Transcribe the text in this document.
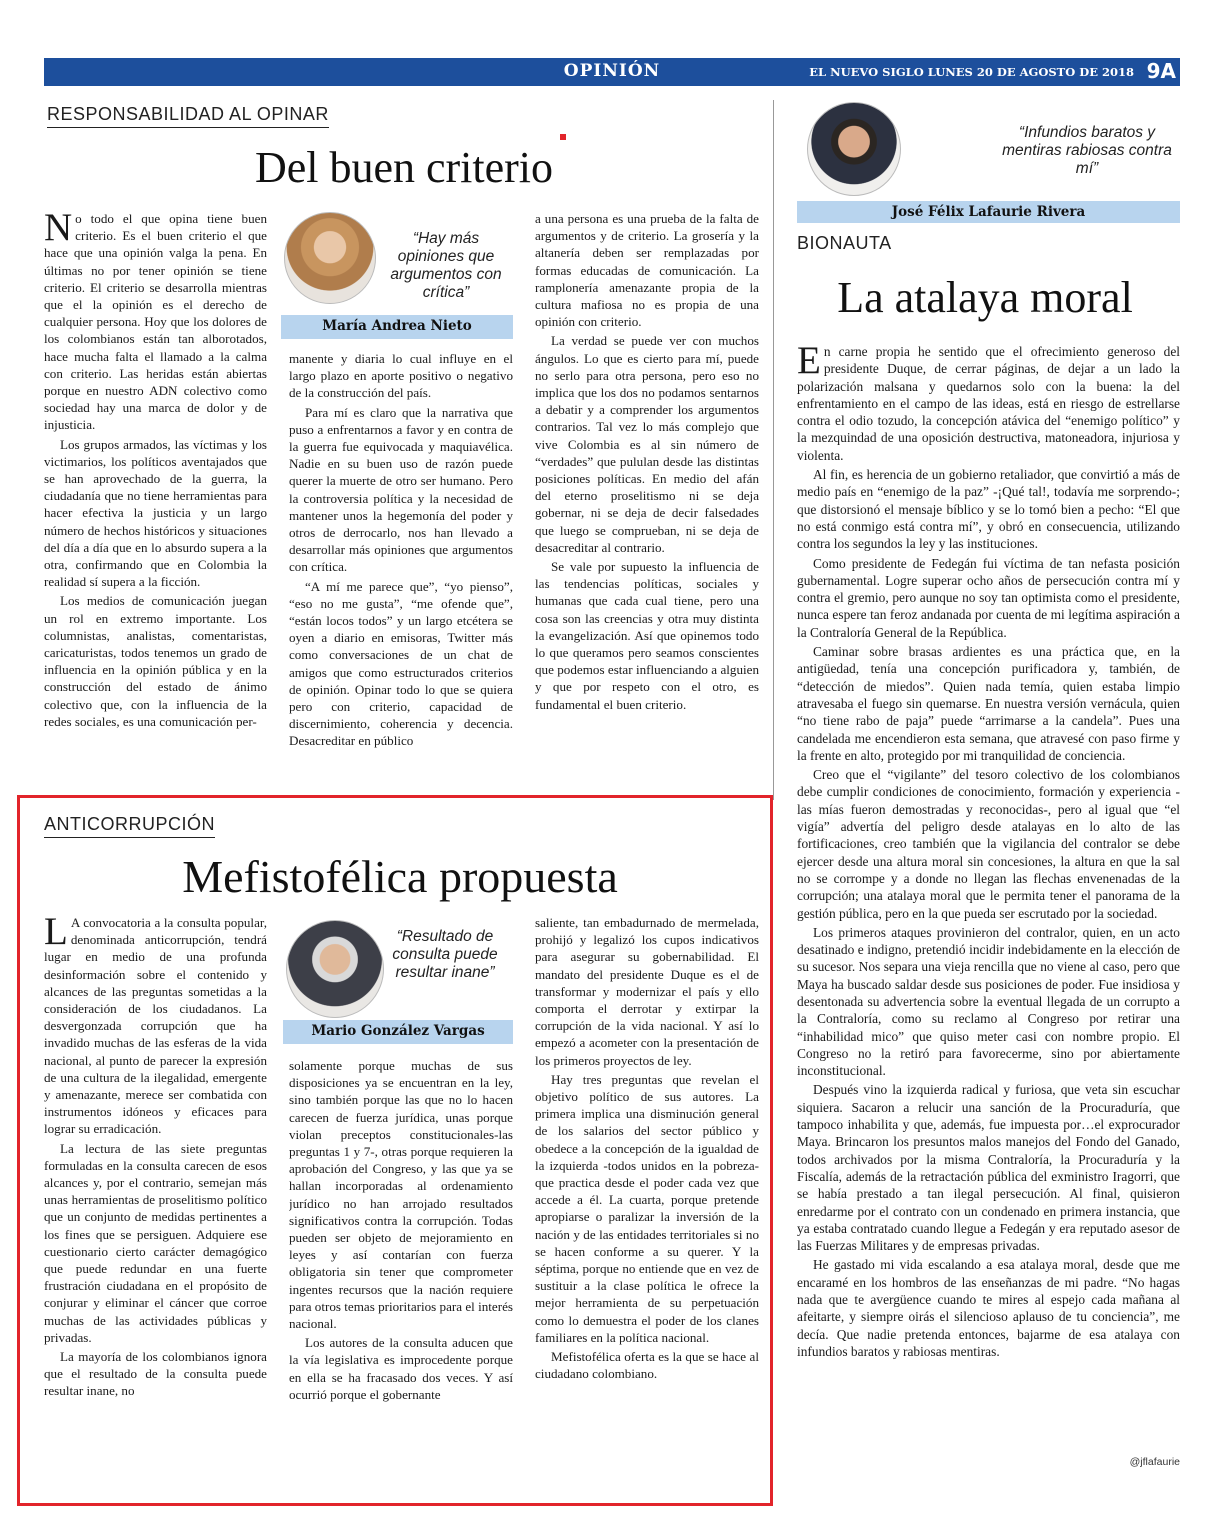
OPINIÓN	EL NUEVO SIGLO LUNES 20 DE AGOSTO DE 2018 9A
RESPONSABILIDAD AL OPINAR
Del buen criterio

No todo el que opina tiene buen criterio. Es el buen criterio el que hace que una opinión valga la pena. En últimas no por tener opinión se tiene criterio. El criterio se desarrolla mientras que el la opinión es el derecho de cualquier persona. Hoy que los dolores de los colombianos están tan alborotados, hace mucha falta el llamado a la calma con criterio. Las heridas están abiertas porque en nuestro ADN colectivo como sociedad hay una marca de dolor y de injusticia.

Los grupos armados, las víctimas y los victimarios, los políticos aventajados que se han aprovechado de la guerra, la ciudadanía que no tiene herramientas para hacer efectiva la justicia y un largo número de hechos históricos y situaciones del día a día que en lo absurdo supera a la otra, confirmando que en Colombia la realidad sí supera a la ficción.

Los medios de comunicación juegan un rol en extremo importante. Los columnistas, analistas, comentaristas, caricaturistas, todos tenemos un grado de influencia en la opinión pública y en la construcción del estado de ánimo colectivo que, con la influencia de la redes sociales, es una comunicación per-

“Hay más opiniones que argumentos con crítica”
María Andrea Nieto

manente y diaria lo cual influye en el largo plazo en aporte positivo o negativo de la construcción del país.

Para mí es claro que la narrativa que puso a enfrentarnos a favor y en contra de la guerra fue equivocada y maquiavélica. Nadie en su buen uso de razón puede querer la muerte de otro ser humano. Pero la controversia política y la necesidad de mantener unos la hegemonía del poder y otros de derrocarlo, nos han llevado a desarrollar más opiniones que argumentos con crítica.

“A mí me parece que”, “yo pienso”, “eso no me gusta”, “me ofende que”, “están locos todos” y un largo etcétera se oyen a diario en emisoras, Twitter más como conversaciones de un chat de amigos que como estructurados criterios de opinión. Opinar todo lo que se quiera pero con criterio, capacidad de discernimiento, coherencia y decencia. Desacreditar en público

a una persona es una prueba de la falta de argumentos y de criterio. La grosería y la altanería deben ser remplazadas por formas educadas de comunicación. La ramplonería amenazante propia de la cultura mafiosa no es propia de una opinión con criterio.

La verdad se puede ver con muchos ángulos. Lo que es cierto para mí, puede no serlo para otra persona, pero eso no implica que los dos no podamos sentarnos a debatir y a comprender los argumentos contrarios. Tal vez lo más complejo que vive Colombia es al sin número de “verdades” que pululan desde las distintas posiciones políticas. En medio del afán del eterno proselitismo ni se deja gobernar, ni se deja de decir falsedades que luego se comprueban, ni se deja de desacreditar al contrario.

Se vale por supuesto la influencia de las tendencias políticas, sociales y humanas que cada cual tiene, pero una cosa son las creencias y otra muy distinta la evangelización. Así que opinemos todo lo que queramos pero seamos conscientes que podemos estar influenciando a alguien y que por respeto con el otro, es fundamental el buen criterio.

ANTICORRUPCIÓN
Mefistofélica propuesta

L A convocatoria a la consulta popular, denominada anticorrupción, tendrá lugar en medio de una profunda desinformación sobre el contenido y alcances de las preguntas sometidas a la consideración de los ciudadanos. La desvergonzada corrupción que ha invadido muchas de las esferas de la vida nacional, al punto de parecer la expresión de una cultura de la ilegalidad, emergente y amenazante, merece ser combatida con instrumentos idóneos y eficaces para lograr su erradicación.

La lectura de las siete preguntas formuladas en la consulta carecen de esos alcances y, por el contrario, semejan más unas herramientas de proselitismo político que un conjunto de medidas pertinentes a los fines que se persiguen. Adquiere ese cuestionario cierto carácter demagógico que puede redundar en una fuerte frustración ciudadana en el propósito de conjurar y eliminar el cáncer que corroe muchas de las actividades públicas y privadas.

La mayoría de los colombianos ignora que el resultado de la consulta puede resultar inane, no

“Resultado de consulta puede resultar inane”
Mario González Vargas

solamente porque muchas de sus disposiciones ya se encuentran en la ley, sino también porque las que no lo hacen carecen de fuerza jurídica, unas porque violan preceptos constitucionales-las preguntas 1 y 7-, otras porque requieren la aprobación del Congreso, y las que ya se hallan incorporadas al ordenamiento jurídico no han arrojado resultados significativos contra la corrupción. Todas pueden ser objeto de mejoramiento en leyes y así contarían con fuerza obligatoria sin tener que comprometer ingentes recursos que la nación requiere para otros temas prioritarios para el interés nacional.

Los autores de la consulta aducen que la vía legislativa es improcedente porque en ella se ha fracasado dos veces. Y así ocurrió porque el gobernante

saliente, tan embadurnado de mermelada, prohijó y legalizó los cupos indicativos para asegurar su gobernabilidad. El mandato del presidente Duque es el de transformar y modernizar el país y ello comporta el derrotar y extirpar la corrupción de la vida nacional. Y así lo empezó a acometer con la presentación de los primeros proyectos de ley.

Hay tres preguntas que revelan el objetivo político de sus autores. La primera implica una disminución general de los salarios del sector público y obedece a la concepción de la igualdad de la izquierda -todos unidos en la pobreza- que practica desde el poder cada vez que accede a él. La cuarta, porque pretende apropiarse o paralizar la inversión de la nación y de las entidades territoriales si no se hacen conforme a su querer. Y la séptima, porque no entiende que en vez de sustituir a la clase política le ofrece la mejor herramienta de su perpetuación como lo demuestra el poder de los clanes familiares en la política nacional.

Mefistofélica oferta es la que se hace al ciudadano colombiano.

“Infundios baratos y mentiras rabiosas contra mí”
José Félix Lafaurie Rivera
BIONAUTA
La atalaya moral

En carne propia he sentido que el ofrecimiento generoso del presidente Duque, de cerrar páginas, de dejar a un lado la polarización malsana y quedarnos solo con la buena: la del enfrentamiento en el campo de las ideas, está en riesgo de estrellarse contra el odio tozudo, la concepción atávica del “enemigo político” y la mezquindad de una oposición destructiva, matoneadora, injuriosa y violenta.

Al fin, es herencia de un gobierno retaliador, que convirtió a más de medio país en “enemigo de la paz” -¡Qué tal!, todavía me sorprendo-; que distorsionó el mensaje bíblico y se lo tomó bien a pecho: “El que no está conmigo está contra mí”, y obró en consecuencia, utilizando contra los segundos la ley y las instituciones.

Como presidente de Fedegán fui víctima de tan nefasta posición gubernamental. Logre superar ocho años de persecución contra mí y contra el gremio, pero aunque no soy tan optimista como el presidente, nunca espere tan feroz andanada por cuenta de mi legítima aspiración a la Contraloría General de la República.

Caminar sobre brasas ardientes es una práctica que, en la antigüedad, tenía una concepción purificadora y, también, de “detección de miedos”. Quien nada temía, quien estaba limpio atravesaba el fuego sin quemarse. En nuestra versión vernácula, quien “no tiene rabo de paja” puede “arrimarse a la candela”. Pues una candelada me encendieron esta semana, que atravesé con paso firme y la frente en alto, protegido por mi tranquilidad de conciencia.

Creo que el “vigilante” del tesoro colectivo de los colombianos debe cumplir condiciones de conocimiento, formación y experiencia -las mías fueron demostradas y reconocidas-, pero al igual que “el vigía” advertía del peligro desde atalayas en lo alto de las fortificaciones, creo también que la vigilancia del contralor se debe ejercer desde una altura moral sin concesiones, la altura en que la sal no se corrompe y a donde no llegan las flechas envenenadas de la corrupción; una atalaya moral que le permita tener el panorama de la gestión pública, pero en la que pueda ser escrutado por la sociedad.

Los primeros ataques provinieron del contralor, quien, en un acto desatinado e indigno, pretendió incidir indebidamente en la elección de su sucesor. Nos separa una vieja rencilla que no viene al caso, pero que Maya ha buscado saldar desde sus posiciones de poder. Fue insidiosa y desentonada su advertencia sobre la eventual llegada de un corrupto a la Contraloría, como su reclamo al Congreso por retirar una “inhabilidad mico” que quiso meter casi con nombre propio. El Congreso no la retiró para favorecerme, sino por abiertamente inconstitucional.

Después vino la izquierda radical y furiosa, que veta sin escuchar siquiera. Sacaron a relucir una sanción de la Procuraduría, que tampoco inhabilita y que, además, fue impuesta por…el exprocurador Maya. Brincaron los presuntos malos manejos del Fondo del Ganado, todos archivados por la misma Contraloría, la Procuraduría y la Fiscalía, además de la retractación pública del exministro Iragorri, que se había prestado a tan ilegal persecución. Al final, quisieron enredarme por el contrato con un condenado en primera instancia, que ya estaba contratado cuando llegue a Fedegán y era reputado asesor de las Fuerzas Militares y de empresas privadas.

He gastado mi vida escalando a esa atalaya moral, desde que me encaramé en los hombros de las enseñanzas de mi padre. “No hagas nada que te avergüence cuando te mires al espejo cada mañana al afeitarte, y siempre oirás el silencioso aplauso de tu conciencia”, me decía. Que nadie pretenda entonces, bajarme de esa atalaya con infundios baratos y rabiosas mentiras.

@jflafaurie
